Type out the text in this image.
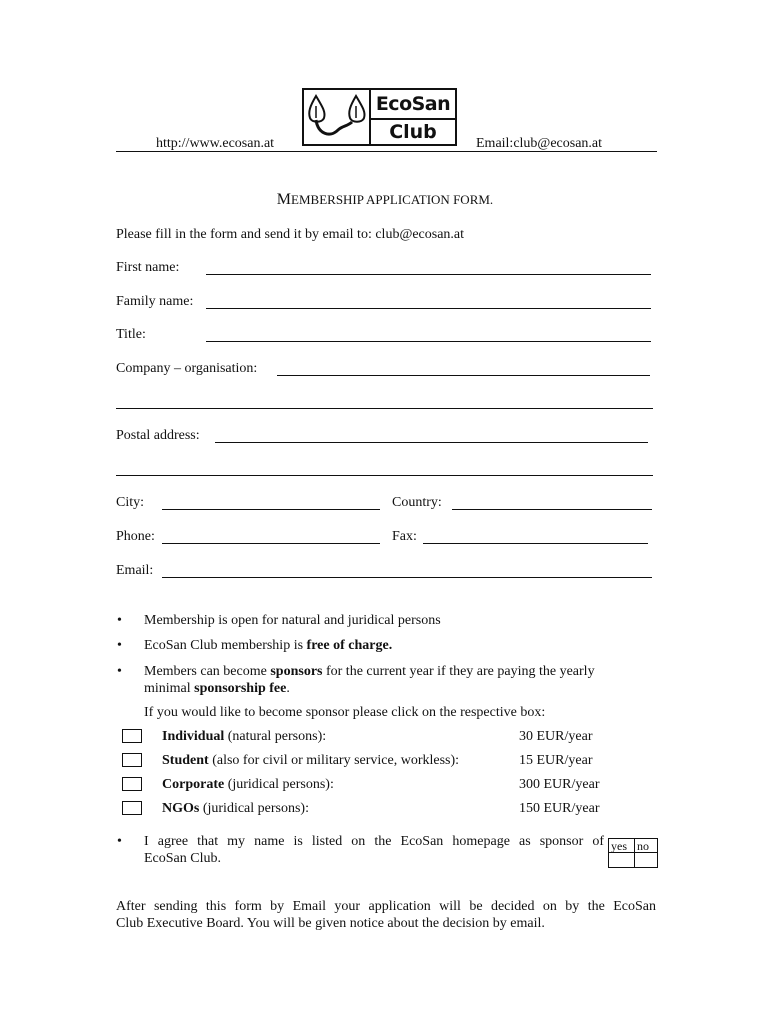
EcoSan
Club
http://www.ecosan.at	Email:club@ecosan.at
MEMBERSHIP APPLICATION FORM.
Please fill in the form and send it by email to: club@ecosan.at
First name:
Family name:
Title:
Company – organisation:
Postal address:
City:	Country:
Phone:	Fax:
Email:
• Membership is open for natural and juridical persons
• EcoSan Club membership is free of charge.
• Members can become sponsors for the current year if they are paying the yearly
minimal sponsorship fee.
If you would like to become sponsor please click on the respective box:
Individual (natural persons):	30 EUR/year
Student (also for civil or military service, workless):	15 EUR/year
Corporate (juridical persons):	300 EUR/year
NGOs (juridical persons):	150 EUR/year
• I agree that my name is listed on the EcoSan homepage as sponsor of
EcoSan Club.
yes no
After sending this form by Email your application will be decided on by the EcoSan
Club Executive Board. You will be given notice about the decision by email.
